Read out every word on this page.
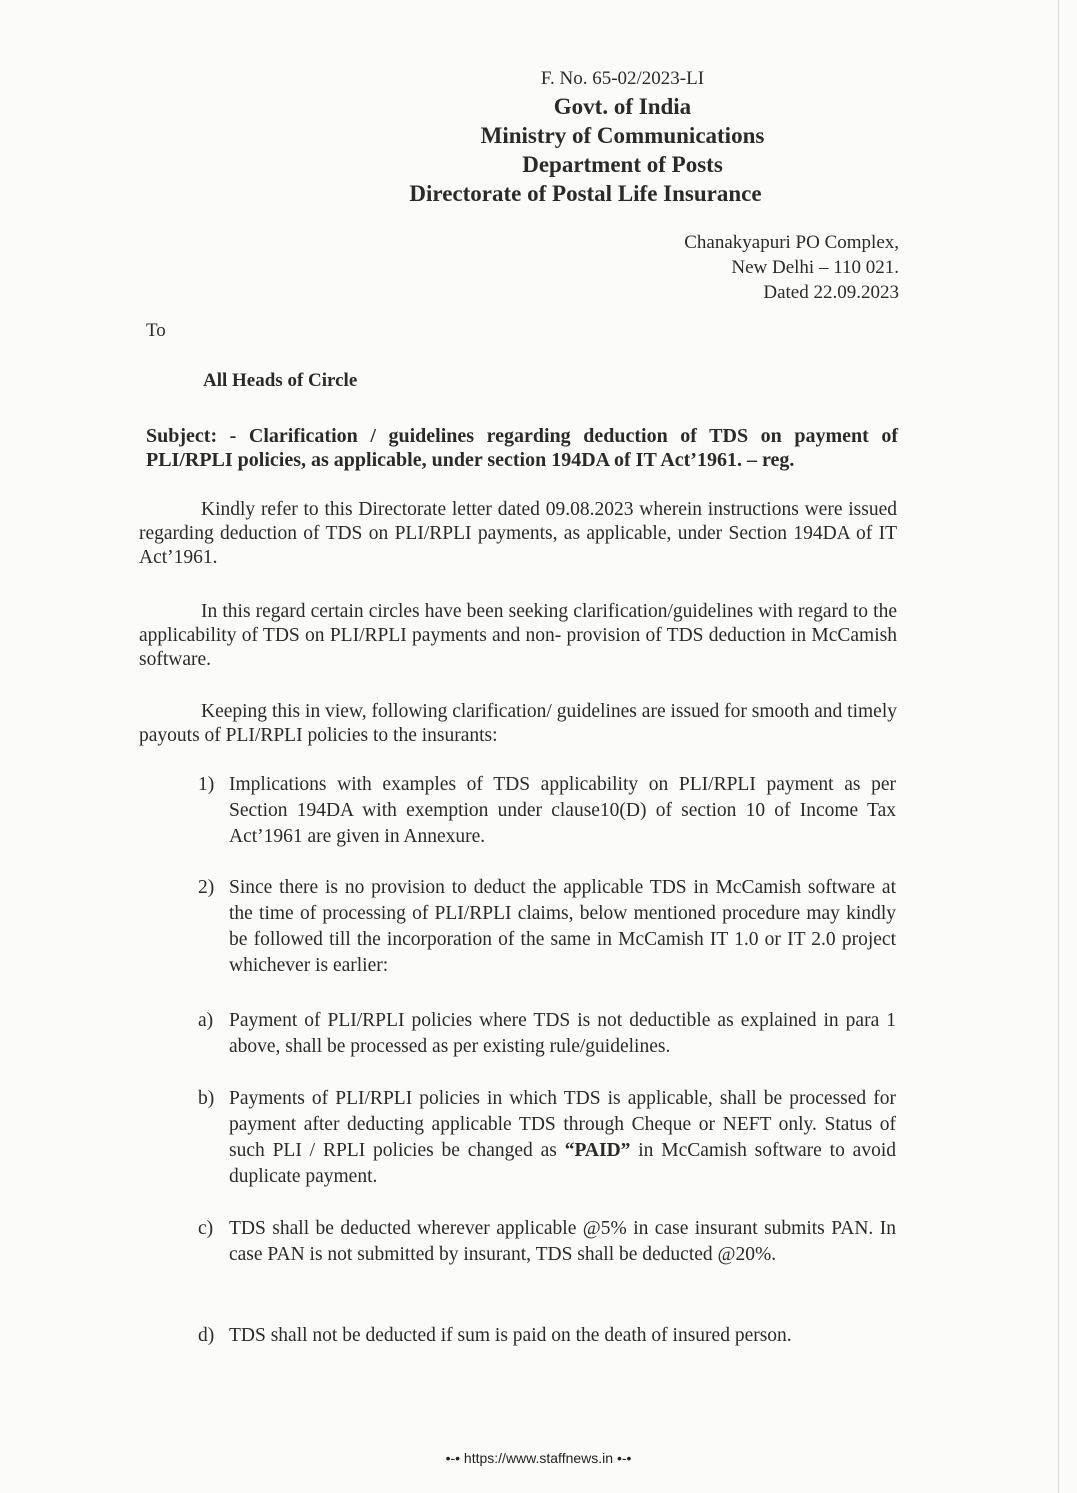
F. No. 65-02/2023-LI
Govt. of India
Ministry of Communications
Department of Posts
Directorate of Postal Life Insurance
Chanakyapuri PO Complex,
New Delhi – 110 021.
Dated 22.09.2023
To
All Heads of Circle
Subject: - Clarification / guidelines regarding deduction of TDS on payment of PLI/RPLI policies, as applicable, under section 194DA of IT Act’1961. – reg.
Kindly refer to this Directorate letter dated 09.08.2023 wherein instructions were issued regarding deduction of TDS on PLI/RPLI payments, as applicable, under Section 194DA of IT Act’1961.
In this regard certain circles have been seeking clarification/guidelines with regard to the applicability of TDS on PLI/RPLI payments and non- provision of TDS deduction in McCamish software.
Keeping this in view, following clarification/ guidelines are issued for smooth and timely payouts of PLI/RPLI policies to the insurants:
1) Implications with examples of TDS applicability on PLI/RPLI payment as per Section 194DA with exemption under clause10(D) of section 10 of Income Tax Act’1961 are given in Annexure.
2) Since there is no provision to deduct the applicable TDS in McCamish software at the time of processing of PLI/RPLI claims, below mentioned procedure may kindly be followed till the incorporation of the same in McCamish IT 1.0 or IT 2.0 project whichever is earlier:
a) Payment of PLI/RPLI policies where TDS is not deductible as explained in para 1 above, shall be processed as per existing rule/guidelines.
b) Payments of PLI/RPLI policies in which TDS is applicable, shall be processed for payment after deducting applicable TDS through Cheque or NEFT only. Status of such PLI / RPLI policies be changed as “PAID” in McCamish software to avoid duplicate payment.
c) TDS shall be deducted wherever applicable @5% in case insurant submits PAN. In case PAN is not submitted by insurant, TDS shall be deducted @20%.
d) TDS shall not be deducted if sum is paid on the death of insured person.
•-• https://www.staffnews.in •-•
